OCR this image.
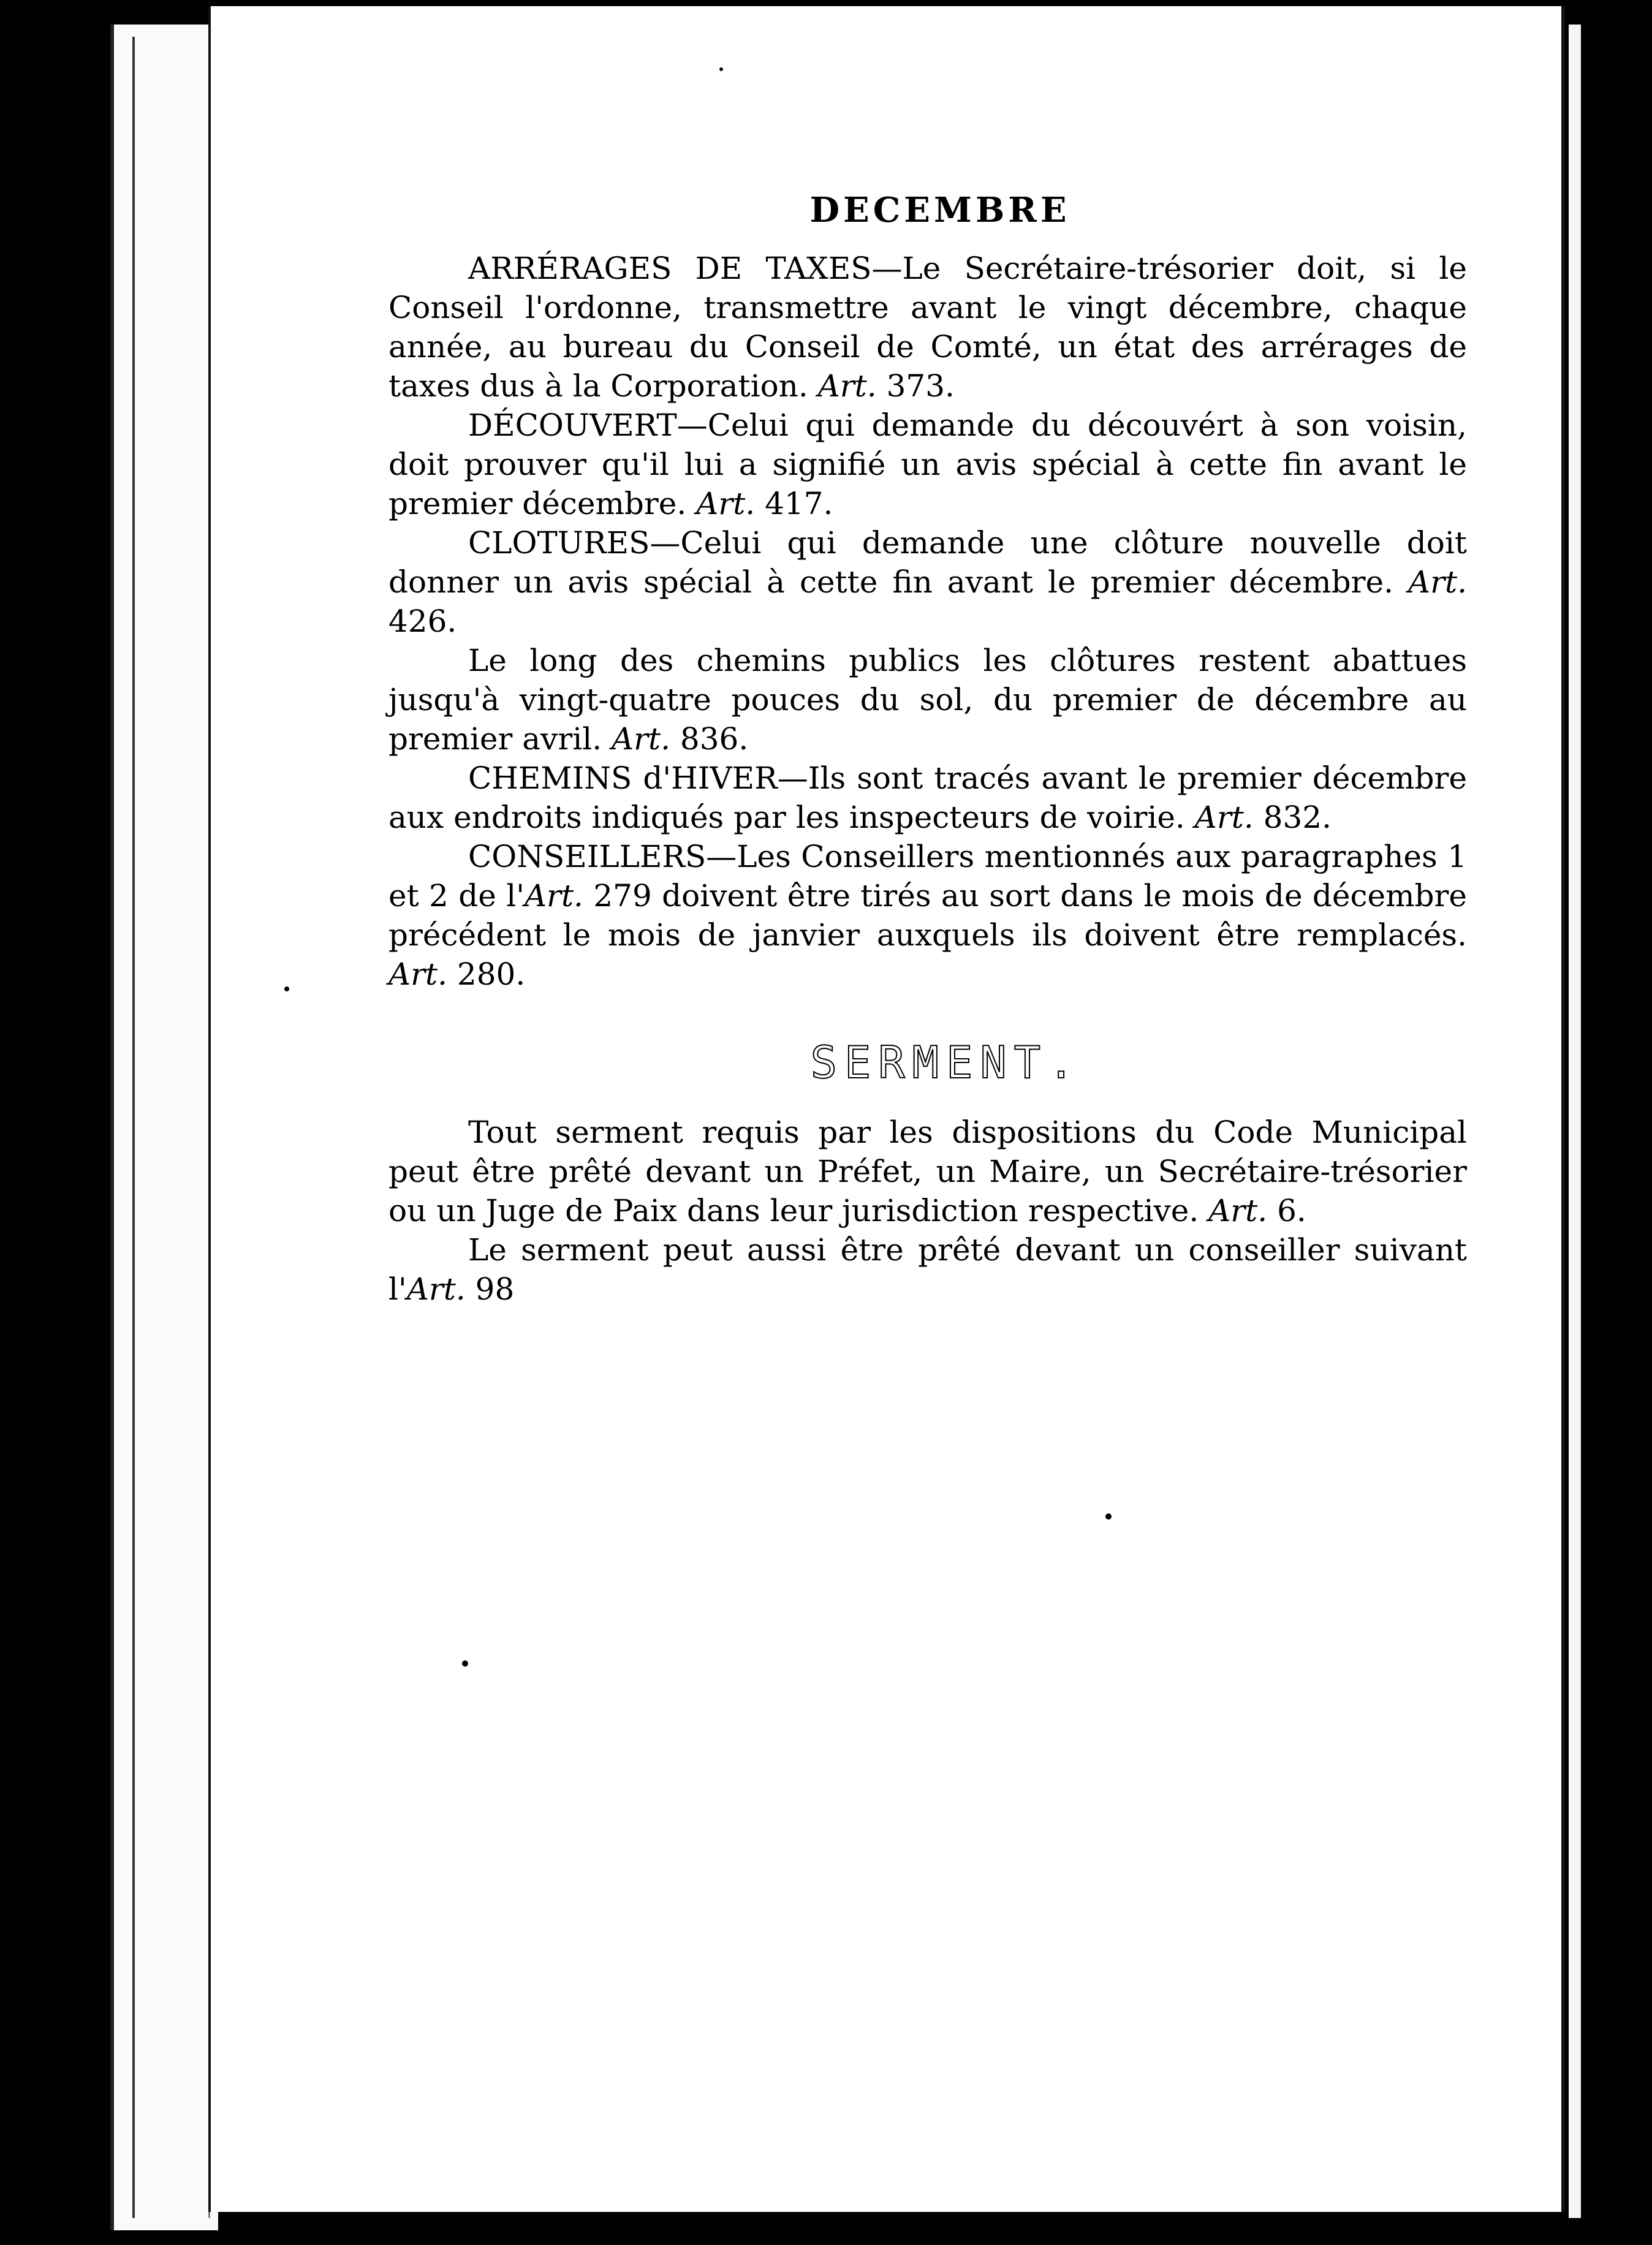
DECEMBRE

ARRÉRAGES DE TAXES—Le Secrétaire-trésorier doit, si le Conseil l'ordonne, transmettre avant le vingt décembre, chaque année, au bureau du Conseil de Comté, un état des arrérages de taxes dus à la Corporation. Art. 373.

DÉCOUVERT—Celui qui demande du découvért à son voisin, doit prouver qu'il lui a signifié un avis spécial à cette fin avant le premier décembre. Art. 417.

CLOTURES—Celui qui demande une clôture nouvelle doit donner un avis spécial à cette fin avant le premier décembre. Art. 426.

Le long des chemins publics les clôtures restent abattues jusqu'à vingt-quatre pouces du sol, du premier de décembre au premier avril. Art. 836.

CHEMINS d'HIVER—Ils sont tracés avant le premier décembre aux endroits indiqués par les inspecteurs de voirie. Art. 832.

CONSEILLERS—Les Conseillers mentionnés aux paragraphes 1 et 2 de l'Art. 279 doivent être tirés au sort dans le mois de décembre précédent le mois de janvier auxquels ils doivent être remplacés. Art. 280.

SERMENT.

Tout serment requis par les dispositions du Code Municipal peut être prêté devant un Préfet, un Maire, un Secrétaire-trésorier ou un Juge de Paix dans leur jurisdiction respective. Art. 6.

Le serment peut aussi être prêté devant un conseiller suivant l'Art. 98
